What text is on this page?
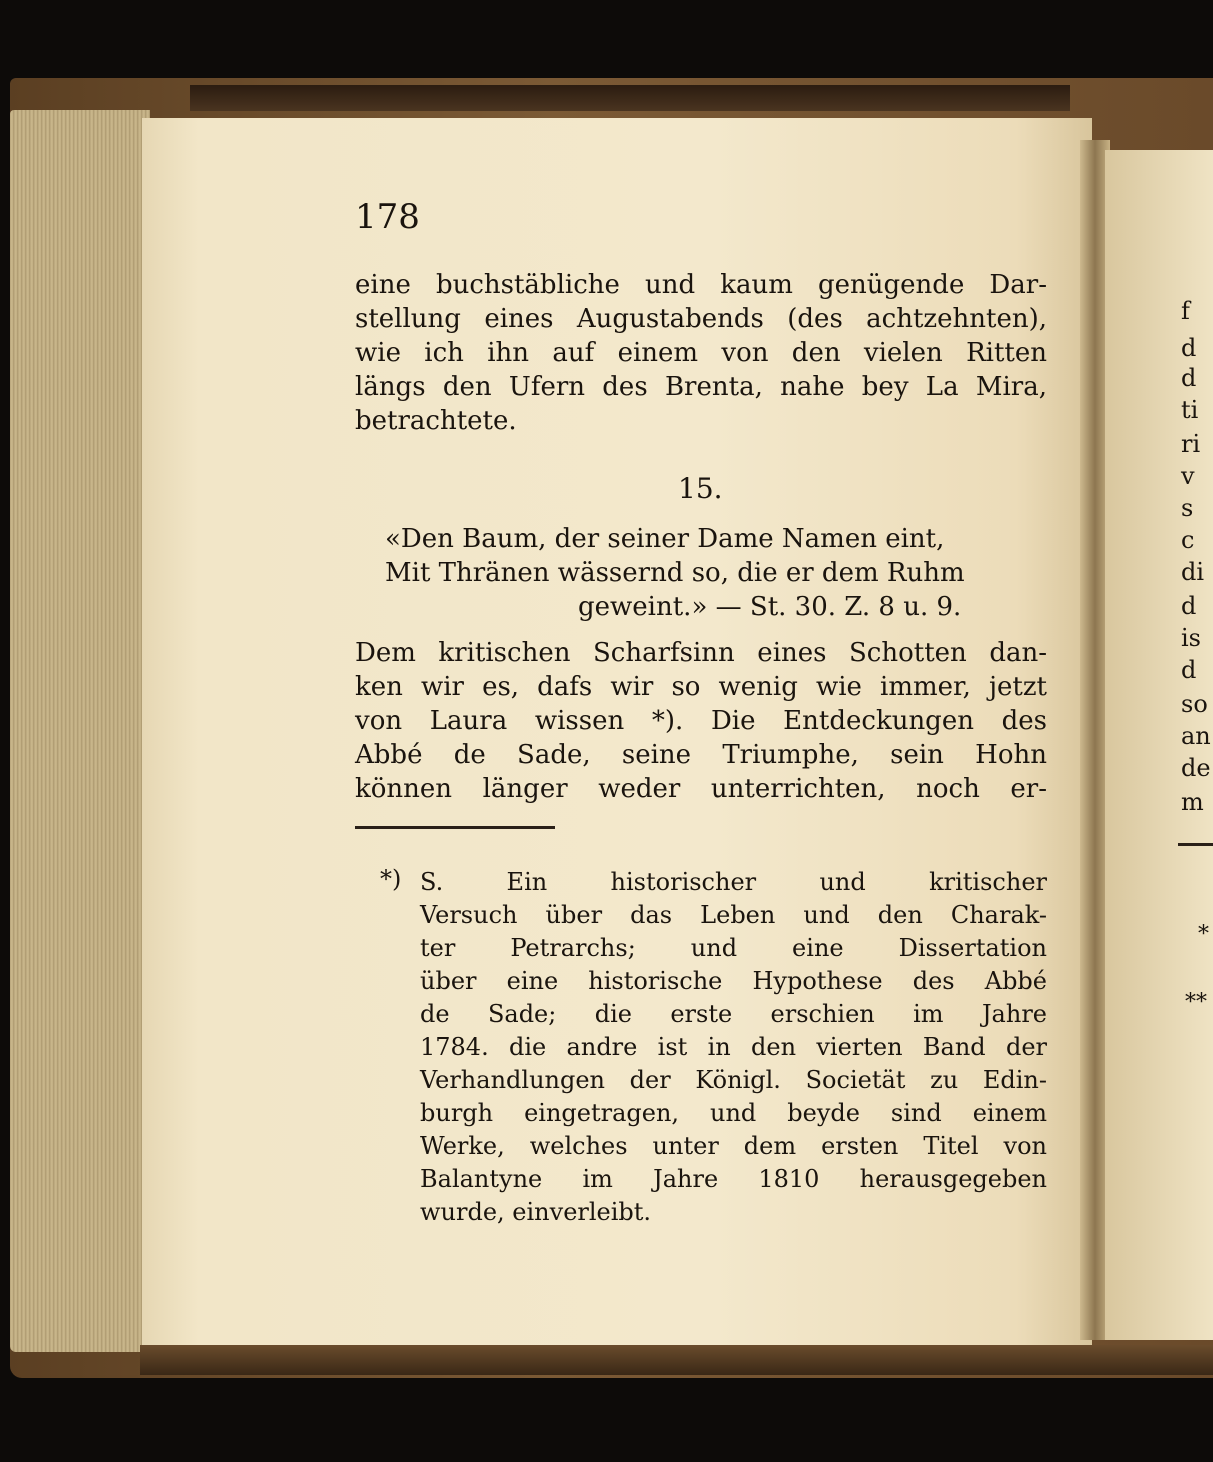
178
eine buchstäbliche und kaum genügende Dar-
stellung eines Augustabends (des achtzehnten),
wie ich ihn auf einem von den vielen Ritten
längs den Ufern des Brenta, nahe bey La Mira,
betrachtete.
15.
«Den Baum, der seiner Dame Namen eint,
Mit Thränen wässernd so, die er dem Ruhm
geweint.» — St. 30. Z. 8 u. 9.
Dem kritischen Scharfsinn eines Schotten dan-
ken wir es, dafs wir so wenig wie immer, jetzt
von Laura wissen *). Die Entdeckungen des
Abbé de Sade, seine Triumphe, sein Hohn
können länger weder unterrichten, noch er-
*) S. Ein historischer und kritischer
Versuch über das Leben und den Charak-
ter Petrarchs; und eine Dissertation
über eine historische Hypothese des Abbé
de Sade; die erste erschien im Jahre
1784. die andre ist in den vierten Band der
Verhandlungen der Königl. Societät zu Edin-
burgh eingetragen, und beyde sind einem
Werke, welches unter dem ersten Titel von
Balantyne im Jahre 1810 herausgegeben
wurde, einverleibt.
f
d
d
ti
ri
v
s
c
di
d
is
d
so
an
de
m
*
**
